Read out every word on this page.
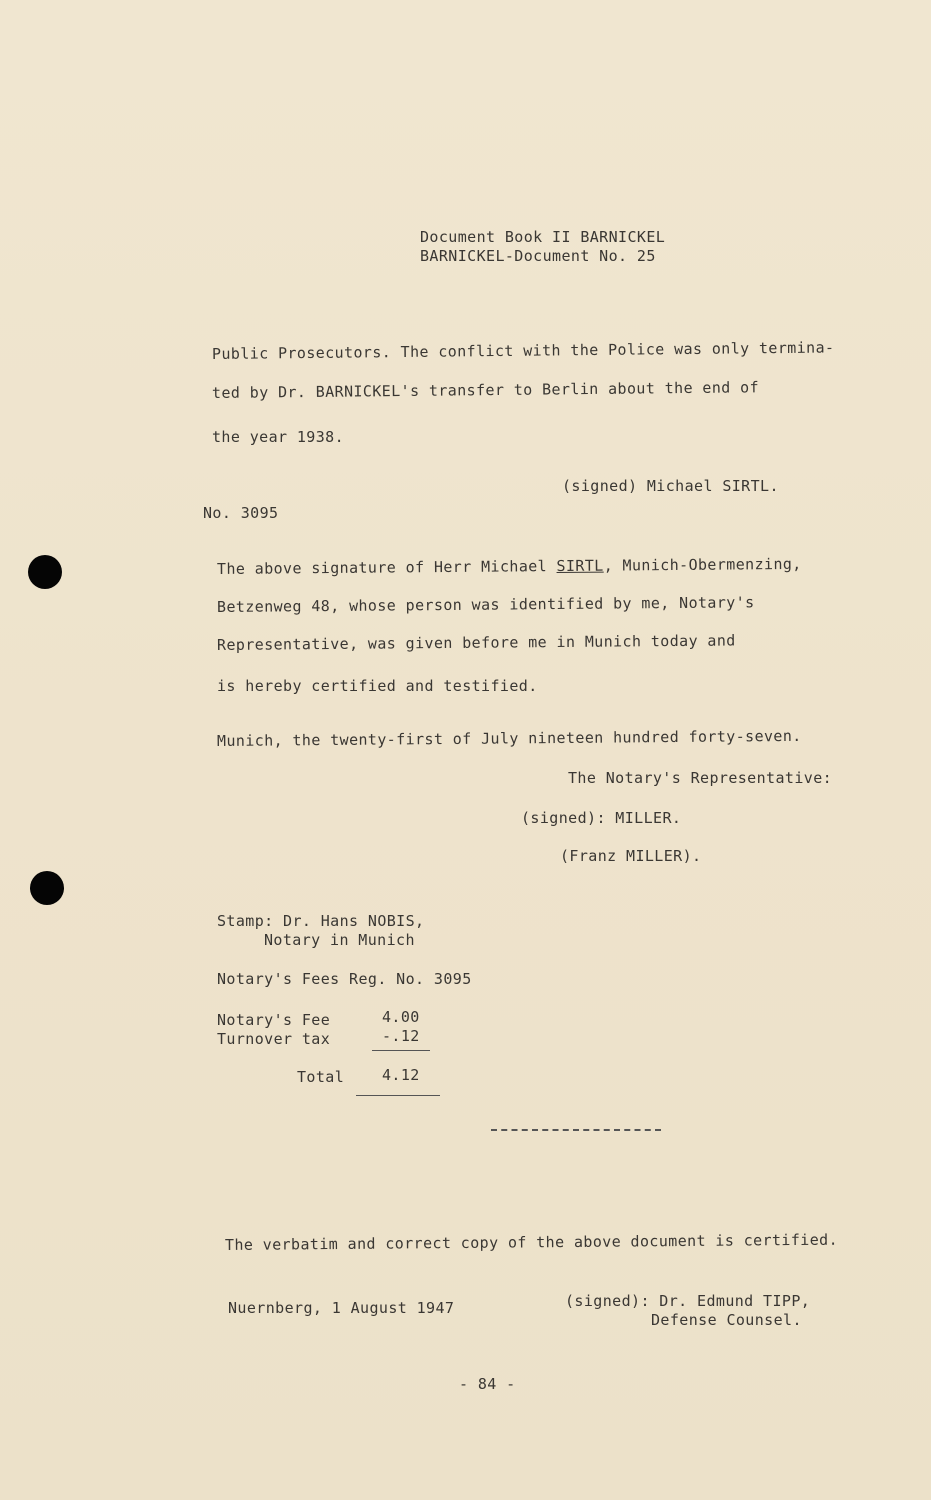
Document Book II BARNICKEL
BARNICKEL-Document No. 25
Public Prosecutors. The conflict with the Police was only termina-
ted by Dr. BARNICKEL's transfer to Berlin about the end of
the year 1938.
(signed) Michael SIRTL.
No. 3095
The above signature of Herr Michael SIRTL, Munich-Obermenzing,
Betzenweg 48, whose person was identified by me, Notary's
Representative, was given before me in Munich today and
is hereby certified and testified.
Munich, the twenty-first of July nineteen hundred forty-seven.
The Notary's Representative:
(signed): MILLER.
(Franz MILLER).
Stamp: Dr. Hans NOBIS,
Notary in Munich
Notary's Fees Reg. No. 3095
Notary's Fee	4.00
Turnover tax	-.12
Total	4.12
The verbatim and correct copy of the above document is certified.
Nuernberg, 1 August 1947	(signed): Dr. Edmund TIPP,
Defense Counsel.
- 84 -
